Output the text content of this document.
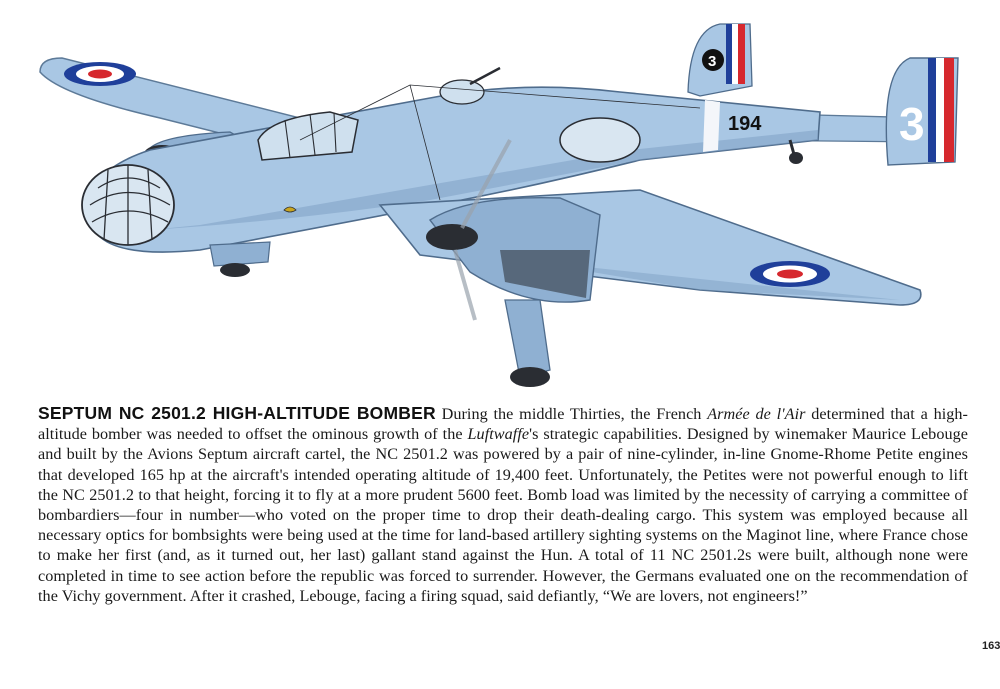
194
3
3
SEPTUM NC 2501.2 HIGH-ALTITUDE BOMBER During the middle Thirties, the French Armée de l'Air determined that a high-altitude bomber was needed to offset the ominous growth of the Luftwaffe's strategic capabilities. Designed by winemaker Maurice Lebouge and built by the Avions Septum aircraft cartel, the NC 2501.2 was powered by a pair of nine-cylinder, in-line Gnome-Rhome Petite engines that developed 165 hp at the aircraft's intended operating altitude of 19,400 feet. Unfortunately, the Petites were not powerful enough to lift the NC 2501.2 to that height, forcing it to fly at a more prudent 5600 feet. Bomb load was limited by the necessity of carrying a committee of bombardiers—four in number—who voted on the proper time to drop their death-dealing cargo. This system was employed because all necessary optics for bombsights were being used at the time for land-based artillery sighting systems on the Maginot line, where France chose to make her first (and, as it turned out, her last) gallant stand against the Hun. A total of 11 NC 2501.2s were built, although none were completed in time to see action before the republic was forced to surrender. However, the Germans evaluated one on the recommendation of the Vichy government. After it crashed, Lebouge, facing a firing squad, said defiantly, “We are lovers, not engineers!”
163
